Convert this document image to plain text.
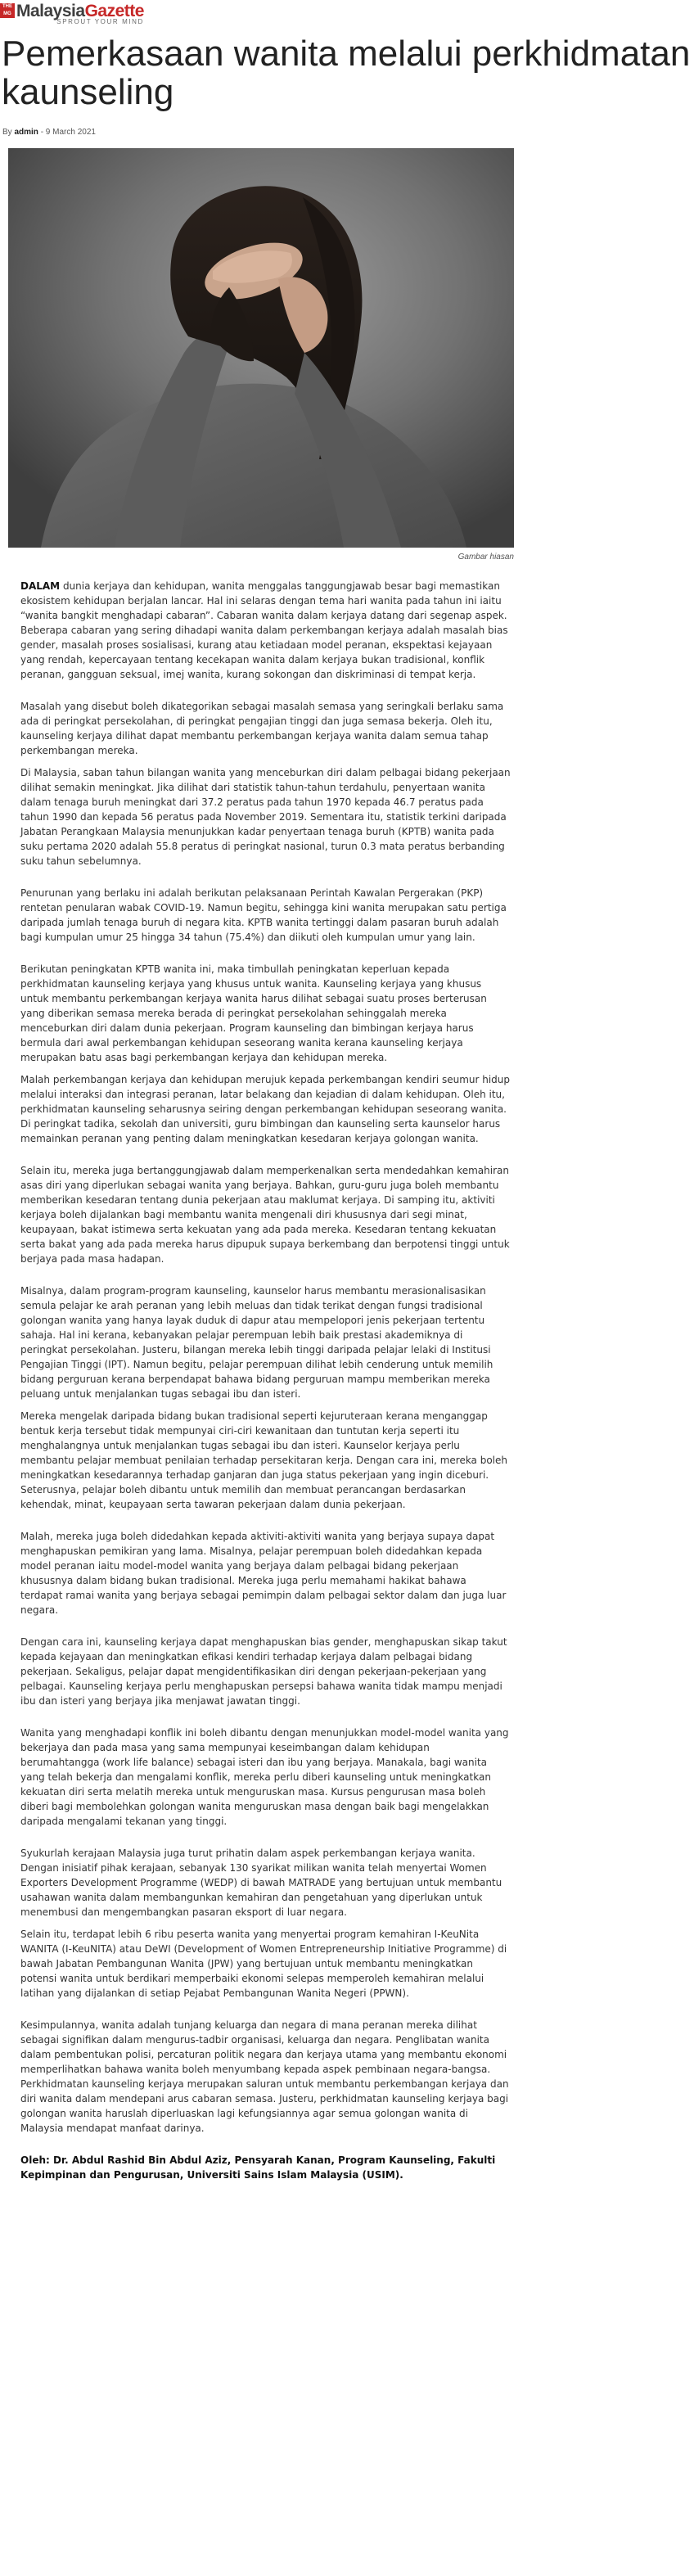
THE
MG MalaysiaGazette
SPROUT YOUR MIND
Pemerkasaan wanita melalui perkhidmatan kaunseling
By admin - 9 March 2021
Gambar hiasan

DALAM dunia kerjaya dan kehidupan, wanita menggalas tanggungjawab besar bagi memastikan ekosistem kehidupan berjalan lancar. Hal ini selaras dengan tema hari wanita pada tahun ini iaitu “wanita bangkit menghadapi cabaran”. Cabaran wanita dalam kerjaya datang dari segenap aspek. Beberapa cabaran yang sering dihadapi wanita dalam perkembangan kerjaya adalah masalah bias gender, masalah proses sosialisasi, kurang atau ketiadaan model peranan, ekspektasi kejayaan yang rendah, kepercayaan tentang kecekapan wanita dalam kerjaya bukan tradisional, konflik peranan, gangguan seksual, imej wanita, kurang sokongan dan diskriminasi di tempat kerja.

Masalah yang disebut boleh dikategorikan sebagai masalah semasa yang seringkali berlaku sama ada di peringkat persekolahan, di peringkat pengajian tinggi dan juga semasa bekerja. Oleh itu, kaunseling kerjaya dilihat dapat membantu perkembangan kerjaya wanita dalam semua tahap perkembangan mereka.

Di Malaysia, saban tahun bilangan wanita yang menceburkan diri dalam pelbagai bidang pekerjaan dilihat semakin meningkat. Jika dilihat dari statistik tahun-tahun terdahulu, penyertaan wanita dalam tenaga buruh meningkat dari 37.2 peratus pada tahun 1970 kepada 46.7 peratus pada tahun 1990 dan kepada 56 peratus pada November 2019. Sementara itu, statistik terkini daripada Jabatan Perangkaan Malaysia menunjukkan kadar penyertaan tenaga buruh (KPTB) wanita pada suku pertama 2020 adalah 55.8 peratus di peringkat nasional, turun 0.3 mata peratus berbanding suku tahun sebelumnya.

Penurunan yang berlaku ini adalah berikutan pelaksanaan Perintah Kawalan Pergerakan (PKP) rentetan penularan wabak COVID-19. Namun begitu, sehingga kini wanita merupakan satu pertiga daripada jumlah tenaga buruh di negara kita. KPTB wanita tertinggi dalam pasaran buruh adalah bagi kumpulan umur 25 hingga 34 tahun (75.4%) dan diikuti oleh kumpulan umur yang lain.

Berikutan peningkatan KPTB wanita ini, maka timbullah peningkatan keperluan kepada perkhidmatan kaunseling kerjaya yang khusus untuk wanita. Kaunseling kerjaya yang khusus untuk membantu perkembangan kerjaya wanita harus dilihat sebagai suatu proses berterusan yang diberikan semasa mereka berada di peringkat persekolahan sehinggalah mereka menceburkan diri dalam dunia pekerjaan. Program kaunseling dan bimbingan kerjaya harus bermula dari awal perkembangan kehidupan seseorang wanita kerana kaunseling kerjaya merupakan batu asas bagi perkembangan kerjaya dan kehidupan mereka.

Malah perkembangan kerjaya dan kehidupan merujuk kepada perkembangan kendiri seumur hidup melalui interaksi dan integrasi peranan, latar belakang dan kejadian di dalam kehidupan. Oleh itu, perkhidmatan kaunseling seharusnya seiring dengan perkembangan kehidupan seseorang wanita. Di peringkat tadika, sekolah dan universiti, guru bimbingan dan kaunseling serta kaunselor harus memainkan peranan yang penting dalam meningkatkan kesedaran kerjaya golongan wanita.

Selain itu, mereka juga bertanggungjawab dalam memperkenalkan serta mendedahkan kemahiran asas diri yang diperlukan sebagai wanita yang berjaya. Bahkan, guru-guru juga boleh membantu memberikan kesedaran tentang dunia pekerjaan atau maklumat kerjaya. Di samping itu, aktiviti kerjaya boleh dijalankan bagi membantu wanita mengenali diri khususnya dari segi minat, keupayaan, bakat istimewa serta kekuatan yang ada pada mereka. Kesedaran tentang kekuatan serta bakat yang ada pada mereka harus dipupuk supaya berkembang dan berpotensi tinggi untuk berjaya pada masa hadapan.

Misalnya, dalam program-program kaunseling, kaunselor harus membantu merasionalisasikan semula pelajar ke arah peranan yang lebih meluas dan tidak terikat dengan fungsi tradisional golongan wanita yang hanya layak duduk di dapur atau mempelopori jenis pekerjaan tertentu sahaja. Hal ini kerana, kebanyakan pelajar perempuan lebih baik prestasi akademiknya di peringkat persekolahan. Justeru, bilangan mereka lebih tinggi daripada pelajar lelaki di Institusi Pengajian Tinggi (IPT). Namun begitu, pelajar perempuan dilihat lebih cenderung untuk memilih bidang perguruan kerana berpendapat bahawa bidang perguruan mampu memberikan mereka peluang untuk menjalankan tugas sebagai ibu dan isteri.

Mereka mengelak daripada bidang bukan tradisional seperti kejuruteraan kerana menganggap bentuk kerja tersebut tidak mempunyai ciri-ciri kewanitaan dan tuntutan kerja seperti itu menghalangnya untuk menjalankan tugas sebagai ibu dan isteri. Kaunselor kerjaya perlu membantu pelajar membuat penilaian terhadap persekitaran kerja. Dengan cara ini, mereka boleh meningkatkan kesedarannya terhadap ganjaran dan juga status pekerjaan yang ingin diceburi. Seterusnya, pelajar boleh dibantu untuk memilih dan membuat perancangan berdasarkan kehendak, minat, keupayaan serta tawaran pekerjaan dalam dunia pekerjaan.

Malah, mereka juga boleh didedahkan kepada aktiviti-aktiviti wanita yang berjaya supaya dapat menghapuskan pemikiran yang lama. Misalnya, pelajar perempuan boleh didedahkan kepada model peranan iaitu model-model wanita yang berjaya dalam pelbagai bidang pekerjaan khususnya dalam bidang bukan tradisional. Mereka juga perlu memahami hakikat bahawa terdapat ramai wanita yang berjaya sebagai pemimpin dalam pelbagai sektor dalam dan juga luar negara.

Dengan cara ini, kaunseling kerjaya dapat menghapuskan bias gender, menghapuskan sikap takut kepada kejayaan dan meningkatkan efikasi kendiri terhadap kerjaya dalam pelbagai bidang pekerjaan. Sekaligus, pelajar dapat mengidentifikasikan diri dengan pekerjaan-pekerjaan yang pelbagai. Kaunseling kerjaya perlu menghapuskan persepsi bahawa wanita tidak mampu menjadi ibu dan isteri yang berjaya jika menjawat jawatan tinggi.

Wanita yang menghadapi konflik ini boleh dibantu dengan menunjukkan model-model wanita yang bekerjaya dan pada masa yang sama mempunyai keseimbangan dalam kehidupan berumahtangga (work life balance) sebagai isteri dan ibu yang berjaya. Manakala, bagi wanita yang telah bekerja dan mengalami konflik, mereka perlu diberi kaunseling untuk meningkatkan kekuatan diri serta melatih mereka untuk menguruskan masa. Kursus pengurusan masa boleh diberi bagi membolehkan golongan wanita menguruskan masa dengan baik bagi mengelakkan daripada mengalami tekanan yang tinggi.

Syukurlah kerajaan Malaysia juga turut prihatin dalam aspek perkembangan kerjaya wanita. Dengan inisiatif pihak kerajaan, sebanyak 130 syarikat milikan wanita telah menyertai Women Exporters Development Programme (WEDP) di bawah MATRADE yang bertujuan untuk membantu usahawan wanita dalam membangunkan kemahiran dan pengetahuan yang diperlukan untuk menembusi dan mengembangkan pasaran eksport di luar negara.

Selain itu, terdapat lebih 6 ribu peserta wanita yang menyertai program kemahiran I-KeuNita WANITA (I-KeuNITA) atau DeWI (Development of Women Entrepreneurship Initiative Programme) di bawah Jabatan Pembangunan Wanita (JPW) yang bertujuan untuk membantu meningkatkan potensi wanita untuk berdikari memperbaiki ekonomi selepas memperoleh kemahiran melalui latihan yang dijalankan di setiap Pejabat Pembangunan Wanita Negeri (PPWN).

Kesimpulannya, wanita adalah tunjang keluarga dan negara di mana peranan mereka dilihat sebagai signifikan dalam mengurus-tadbir organisasi, keluarga dan negara. Penglibatan wanita dalam pembentukan polisi, percaturan politik negara dan kerjaya utama yang membantu ekonomi memperlihatkan bahawa wanita boleh menyumbang kepada aspek pembinaan negara-bangsa. Perkhidmatan kaunseling kerjaya merupakan saluran untuk membantu perkembangan kerjaya dan diri wanita dalam mendepani arus cabaran semasa. Justeru, perkhidmatan kaunseling kerjaya bagi golongan wanita haruslah diperluaskan lagi kefungsiannya agar semua golongan wanita di Malaysia mendapat manfaat darinya.

Oleh: Dr. Abdul Rashid Bin Abdul Aziz, Pensyarah Kanan, Program Kaunseling, Fakulti Kepimpinan dan Pengurusan, Universiti Sains Islam Malaysia (USIM).
